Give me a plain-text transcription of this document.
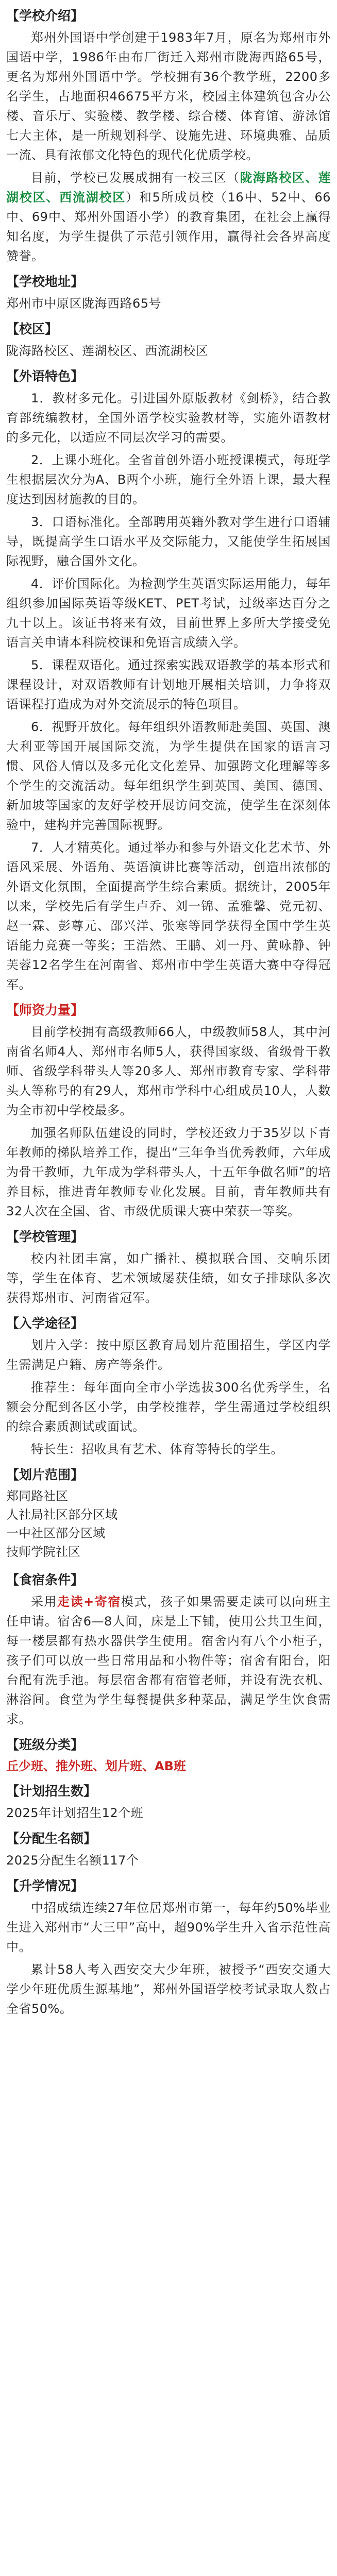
【学校介绍】

郑州外国语中学创建于1983年7月，原名为郑州市外国语中学，1986年由布厂街迁入郑州市陇海西路65号，更名为郑州外国语中学。学校拥有36个教学班，2200多名学生，占地面积46675平方米，校园主体建筑包含办公楼、音乐厅、实验楼、教学楼、综合楼、体育馆、游泳馆七大主体，是一所规划科学、设施先进、环境典雅、品质一流、具有浓郁文化特色的现代化优质学校。

目前，学校已发展成拥有一校三区（陇海路校区、莲湖校区、西流湖校区）和5所成员校（16中、52中、66中、69中、郑州外国语小学）的教育集团，在社会上赢得知名度，为学生提供了示范引领作用，赢得社会各界高度赞誉。

【学校地址】

郑州市中原区陇海西路65号

【校区】

陇海路校区、莲湖校区、西流湖校区

【外语特色】

1．教材多元化。引进国外原版教材《剑桥》，结合教育部统编教材，全国外语学校实验教材等，实施外语教材的多元化，以适应不同层次学习的需要。

2．上课小班化。全省首创外语小班授课模式，每班学生根据层次分为A、B两个小班，施行全外语上课，最大程度达到因材施教的目的。

3．口语标准化。全部聘用英籍外教对学生进行口语辅导，既提高学生口语水平及交际能力，又能使学生拓展国际视野，融合国外文化。

4．评价国际化。为检测学生英语实际运用能力，每年组织参加国际英语等级KET、PET考试，过级率达百分之九十以上。该证书将来有效，目前世界上多所大学接受免语言关申请本科院校课和免语言成绩入学。

5．课程双语化。通过探索实践双语教学的基本形式和课程设计，对双语教师有计划地开展相关培训，力争将双语课程打造成为对外交流展示的特色项目。

6．视野开放化。每年组织外语教师赴美国、英国、澳大利亚等国开展国际交流，为学生提供在国家的语言习惯、风俗人情以及多元化文化差异、加强跨文化理解等多个学生的交流活动。每年组织学生到英国、美国、德国、新加坡等国家的友好学校开展访问交流，使学生在深刻体验中，建构并完善国际视野。

7．人才精英化。通过举办和参与外语文化艺术节、外语风采展、外语角、英语演讲比赛等活动，创造出浓郁的外语文化氛围，全面提高学生综合素质。据统计，2005年以来，学校先后有学生卢乔、刘一锦、孟雅馨、党元初、赵一霖、彭尊元、邵兴洋、张寒等同学获得全国中学生英语能力竞赛一等奖；王浩然、王鹏、刘一丹、黄咏静、钟芙蓉12名学生在河南省、郑州市中学生英语大赛中夺得冠军。

【师资力量】

目前学校拥有高级教师66人，中级教师58人，其中河南省名师4人、郑州市名师5人，获得国家级、省级骨干教师、省级学科带头人等20多人、郑州市教育专家、学科带头人等称号的有29人，郑州市学科中心组成员10人，人数为全市初中学校最多。

加强名师队伍建设的同时，学校还致力于35岁以下青年教师的梯队培养工作，提出“三年争当优秀教师，六年成为骨干教师，九年成为学科带头人，十五年争做名师”的培养目标，推进青年教师专业化发展。目前，青年教师共有32人次在全国、省、市级优质课大赛中荣获一等奖。

【学校管理】

校内社团丰富，如广播社、模拟联合国、交响乐团等，学生在体育、艺术领域屡获佳绩，如女子排球队多次获得郑州市、河南省冠军。

【入学途径】

划片入学：按中原区教育局划片范围招生，学区内学生需满足户籍、房产等条件。

推荐生：每年面向全市小学选拔300名优秀学生，名额会分配到各区小学，由学校推荐，学生需通过学校组织的综合素质测试或面试。

特长生：招收具有艺术、体育等特长的学生。

【划片范围】

郑同路社区

人社局社区部分区域

一中社区部分区域

技师学院社区

【食宿条件】

采用走读+寄宿模式，孩子如果需要走读可以向班主任申请。宿舍6—8人间，床是上下铺，使用公共卫生间，每一楼层都有热水器供学生使用。宿舍内有八个小柜子，孩子们可以放一些日常用品和小物件等；宿舍有阳台，阳台配有洗手池。每层宿舍都有宿管老师，并设有洗衣机、淋浴间。食堂为学生每餐提供多种菜品，满足学生饮食需求。

【班级分类】

丘少班、推外班、划片班、AB班

【计划招生数】

2025年计划招生12个班

【分配生名额】

2025分配生名额117个

【升学情况】

中招成绩连续27年位居郑州市第一，每年约50%毕业生进入郑州市“大三甲”高中，超90%学生升入省示范性高中。

累计58人考入西安交大少年班，被授予“西安交通大学少年班优质生源基地”，郑州外国语学校考试录取人数占全省50%。
